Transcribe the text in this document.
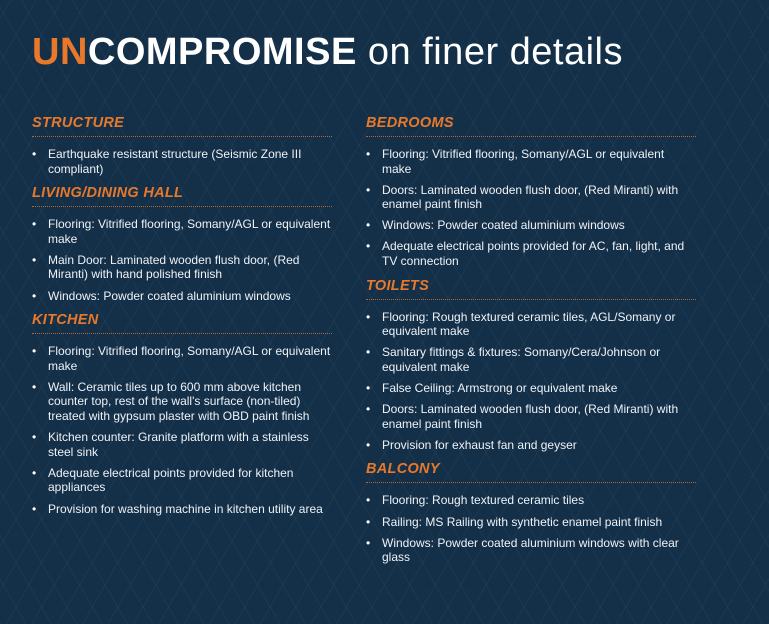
UNCOMPROMISE on finer details
STRUCTURE
• Earthquake resistant structure (Seismic Zone III compliant)
LIVING/DINING HALL
• Flooring: Vitrified flooring, Somany/AGL or equivalent make
• Main Door: Laminated wooden flush door, (Red Miranti) with hand polished finish
• Windows: Powder coated aluminium windows
KITCHEN
• Flooring: Vitrified flooring, Somany/AGL or equivalent make
• Wall: Ceramic tiles up to 600 mm above kitchen counter top, rest of the wall's surface (non-tiled) treated with gypsum plaster with OBD paint finish
• Kitchen counter: Granite platform with a stainless steel sink
• Adequate electrical points provided for kitchen appliances
• Provision for washing machine in kitchen utility area
BEDROOMS
• Flooring: Vitrified flooring, Somany/AGL or equivalent make
• Doors: Laminated wooden flush door, (Red Miranti) with enamel paint finish
• Windows: Powder coated aluminium windows
• Adequate electrical points provided for AC, fan, light, and TV connection
TOILETS
• Flooring: Rough textured ceramic tiles, AGL/Somany or equivalent make
• Sanitary fittings & fixtures: Somany/Cera/Johnson or equivalent make
• False Ceiling: Armstrong or equivalent make
• Doors: Laminated wooden flush door, (Red Miranti) with enamel paint finish
• Provision for exhaust fan and geyser
BALCONY
• Flooring: Rough textured ceramic tiles
• Railing: MS Railing with synthetic enamel paint finish
• Windows: Powder coated aluminium windows with clear glass
